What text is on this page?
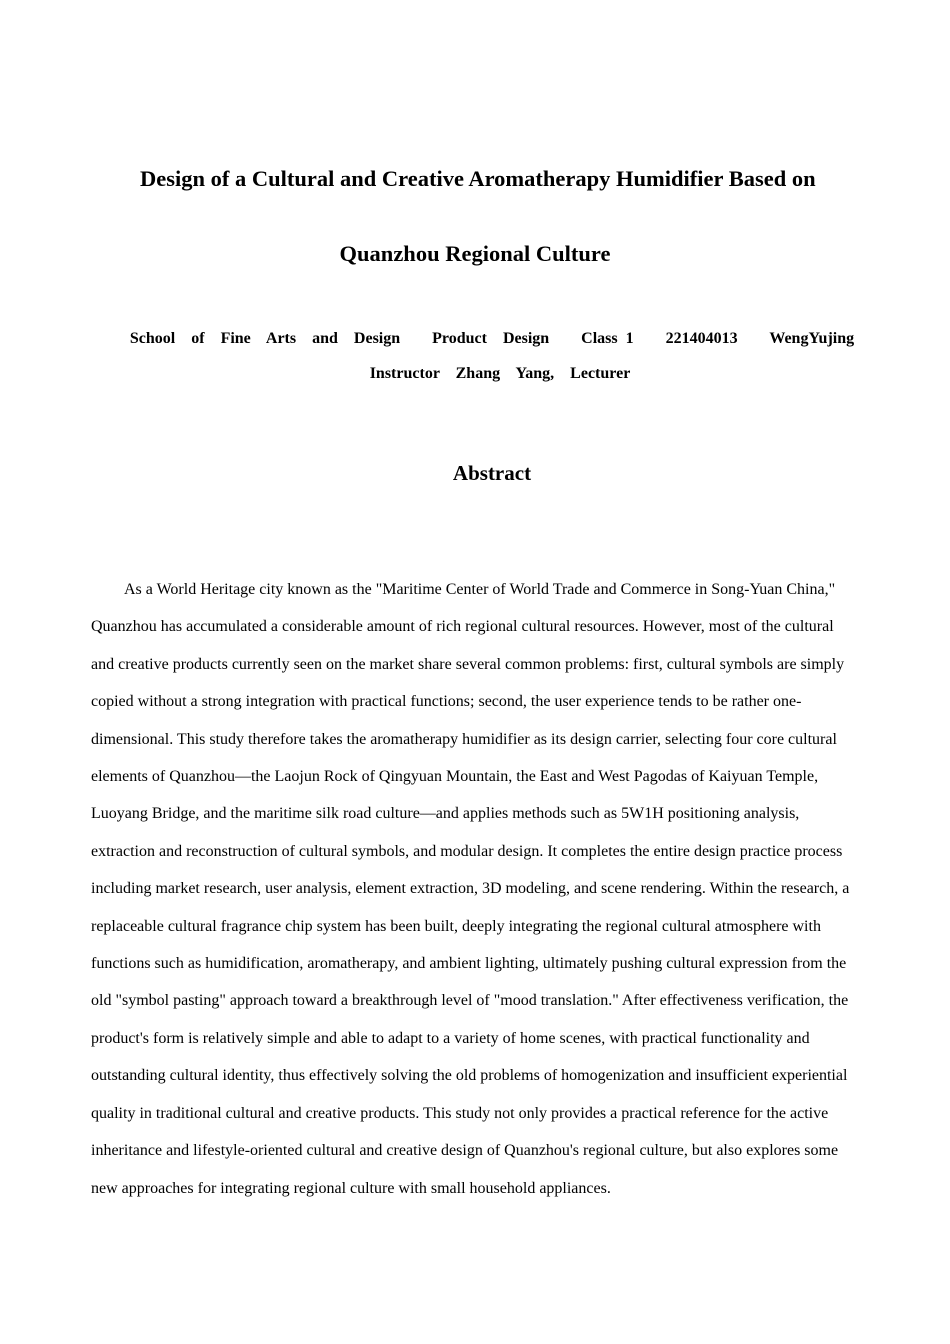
Design of a Cultural and Creative Aromatherapy Humidifier Based on
Quanzhou Regional Culture
School  of  Fine  Arts  and  Design    Product  Design    Class 1    221404013    WengYujing
Instructor  Zhang  Yang,  Lecturer
Abstract

As a World Heritage city known as the "Maritime Center of World Trade and Commerce in Song-Yuan China," Quanzhou has accumulated a considerable amount of rich regional cultural resources. However, most of the cultural and creative products currently seen on the market share several common problems: first, cultural symbols are simply copied without a strong integration with practical functions; second, the user experience tends to be rather one-dimensional. This study therefore takes the aromatherapy humidifier as its design carrier, selecting four core cultural elements of Quanzhou—the Laojun Rock of Qingyuan Mountain, the East and West Pagodas of Kaiyuan Temple, Luoyang Bridge, and the maritime silk road culture—and applies methods such as 5W1H positioning analysis, extraction and reconstruction of cultural symbols, and modular design. It completes the entire design practice process including market research, user analysis, element extraction, 3D modeling, and scene rendering. Within the research, a replaceable cultural fragrance chip system has been built, deeply integrating the regional cultural atmosphere with functions such as humidification, aromatherapy, and ambient lighting, ultimately pushing cultural expression from the old "symbol pasting" approach toward a breakthrough level of "mood translation." After effectiveness verification, the product's form is relatively simple and able to adapt to a variety of home scenes, with practical functionality and outstanding cultural identity, thus effectively solving the old problems of homogenization and insufficient experiential quality in traditional cultural and creative products. This study not only provides a practical reference for the active inheritance and lifestyle-oriented cultural and creative design of Quanzhou's regional culture, but also explores some new approaches for integrating regional culture with small household appliances.
